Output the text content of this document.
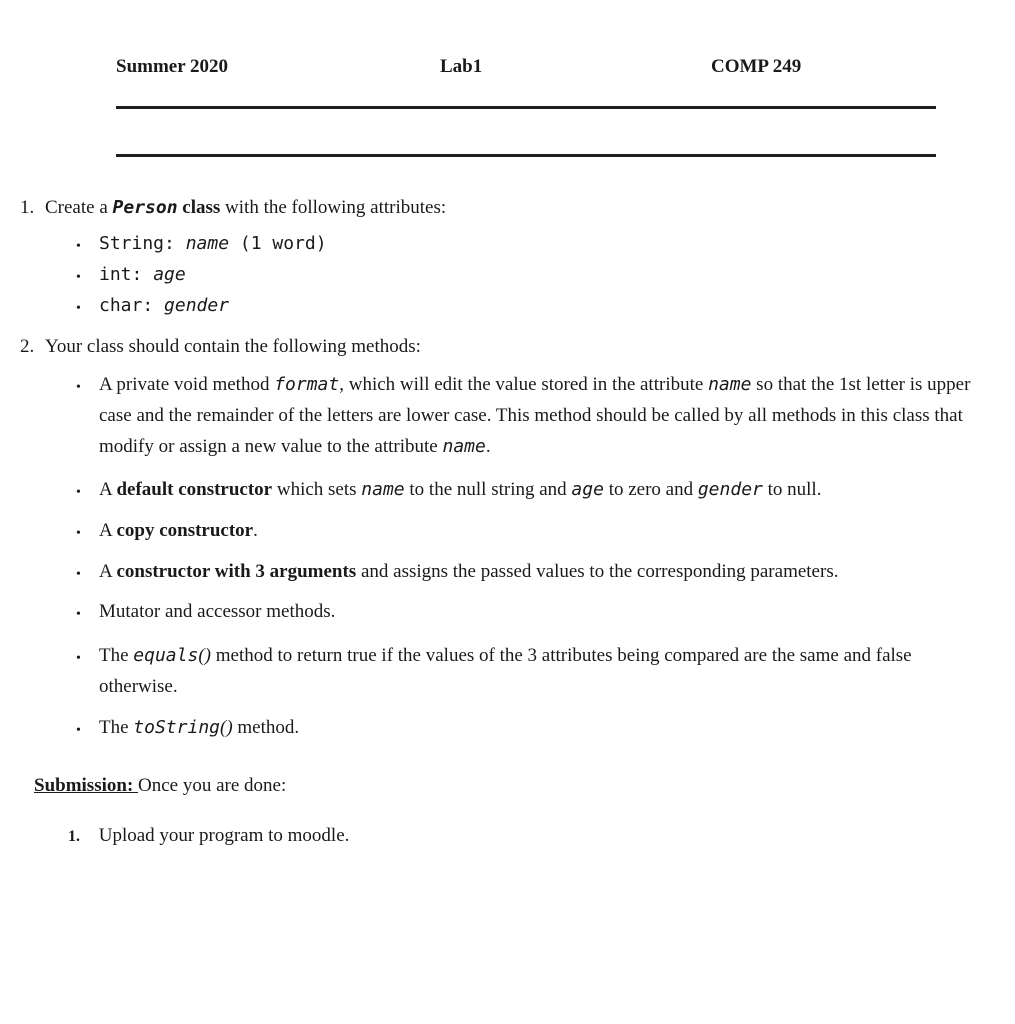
Summer 2020	Lab1	COMP 249
1. Create a Person class with the following attributes:
• String: name (1 word)
• int: age
• char: gender
2. Your class should contain the following methods:
• A private void method format, which will edit the value stored in the attribute name so that the 1st letter is upper case and the remainder of the letters are lower case. This method should be called by all methods in this class that modify or assign a new value to the attribute name.
• A default constructor which sets name to the null string and age to zero and gender to null.
• A copy constructor.
• A constructor with 3 arguments and assigns the passed values to the corresponding parameters.
• Mutator and accessor methods.
• The equals() method to return true if the values of the 3 attributes being compared are the same and false otherwise.
• The toString() method.
Submission: Once you are done:
1. Upload your program to moodle.
